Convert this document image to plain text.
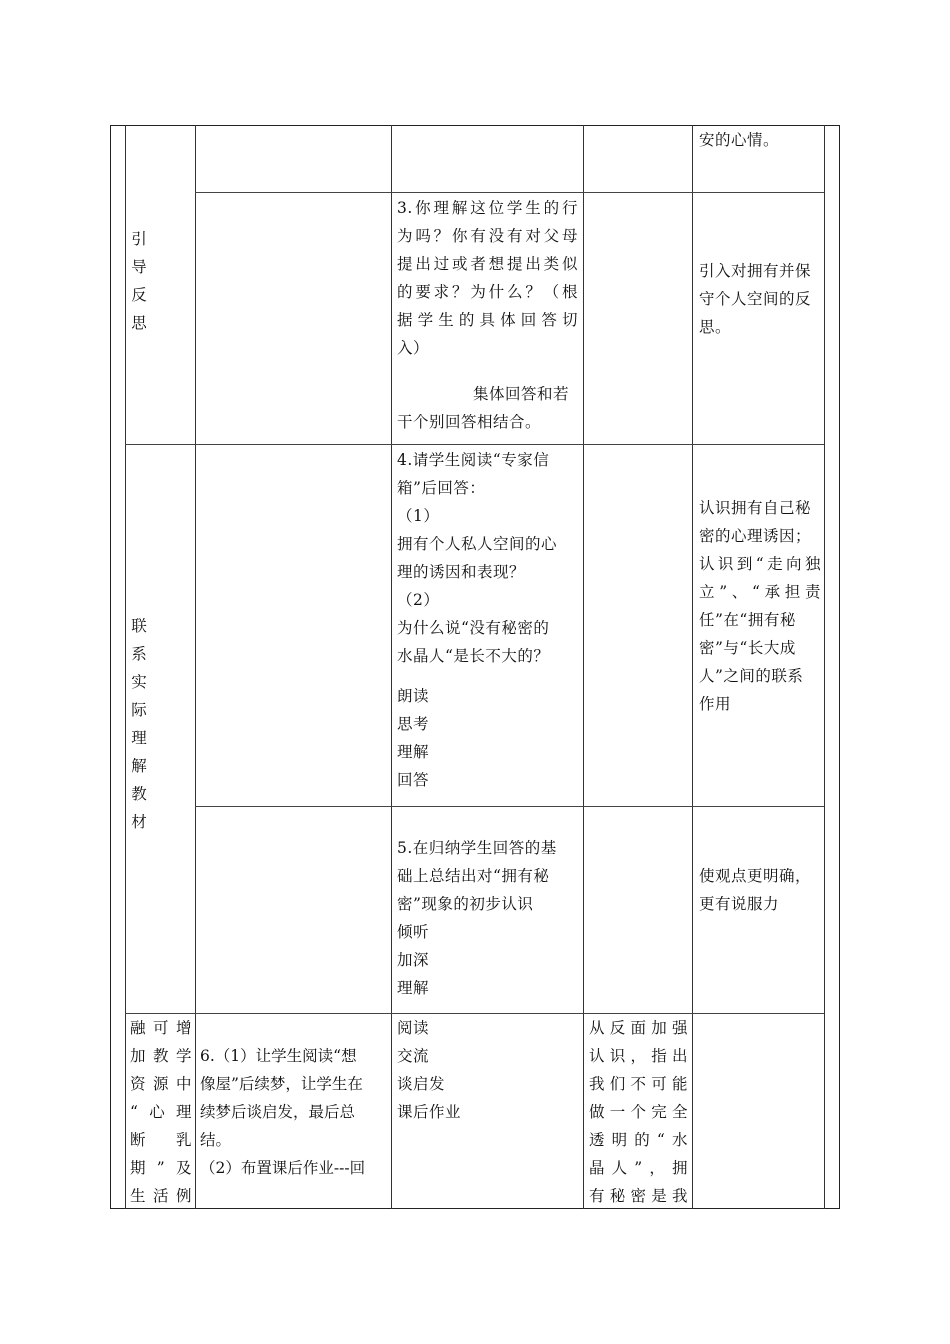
安的心情。
引
导
反
思
3.你理解这位学生的行
为吗？你有没有对父母
提出过或者想提出类似
的要求？为什么？（根
据学生的具体回答切
入）
集体回答和若
干个别回答相结合。
引入对拥有并保
守个人空间的反
思。
联
系
实
际
理
解
教
材
4.请学生阅读“专家信
箱”后回答：
（1）
拥有个人私人空间的心
理的诱因和表现？
（2）
为什么说“没有秘密的
水晶人“是长不大的？
朗读
思考
理解
回答
认识拥有自己秘
密的心理诱因；
认识到“走向独
立”、“承担责
任”在“拥有秘
密”与“长大成
人”之间的联系
作用
5.在归纳学生回答的基
础上总结出对“拥有秘
密”现象的初步认识
倾听
加深
理解
使观点更明确，
更有说服力
融可增
加教学
资源中
“心理
断　乳
期”及
生活例
6.（1）让学生阅读“想
像屋”后续梦，让学生在
续梦后谈启发，最后总
结。
（2）布置课后作业---回
阅读
交流
谈启发
课后作业
从反面加强
认识，指出
我们不可能
做一个完全
透明的“水
晶人”，拥
有秘密是我
